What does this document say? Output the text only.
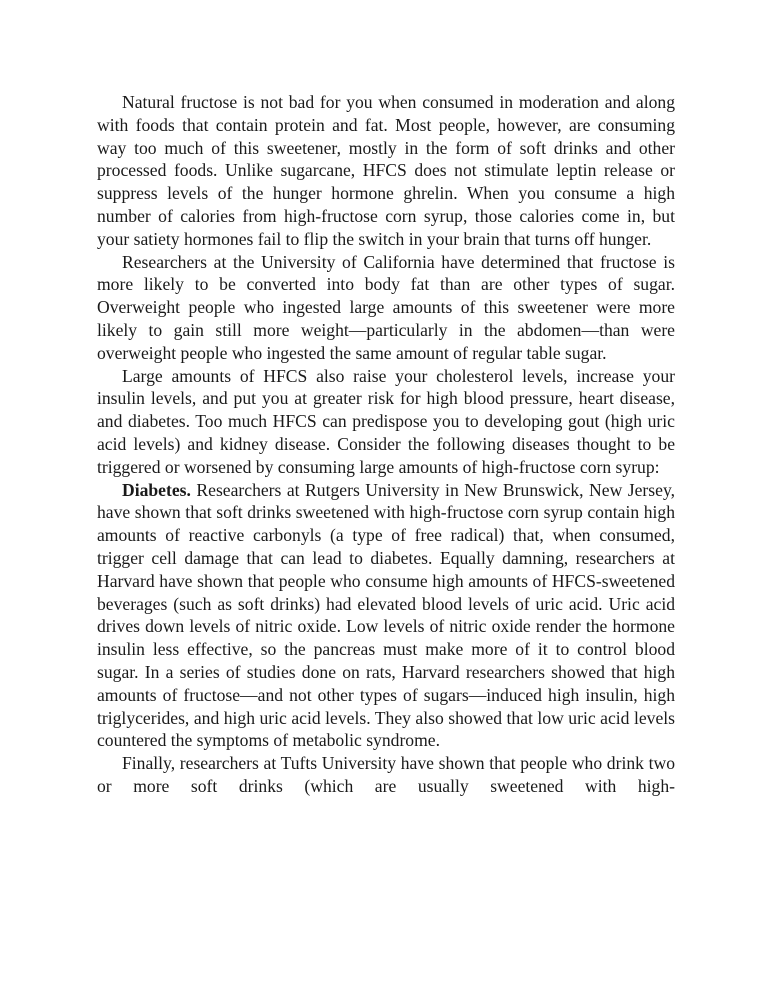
Natural fructose is not bad for you when consumed in moderation and along with foods that contain protein and fat. Most people, however, are consuming way too much of this sweetener, mostly in the form of soft drinks and other processed foods. Unlike sugarcane, HFCS does not stimulate leptin release or suppress levels of the hunger hormone ghrelin. When you consume a high number of calories from high-fructose corn syrup, those calories come in, but your satiety hormones fail to flip the switch in your brain that turns off hunger.

Researchers at the University of California have determined that fructose is more likely to be converted into body fat than are other types of sugar. Overweight people who ingested large amounts of this sweetener were more likely to gain still more weight—particularly in the abdomen—than were overweight people who ingested the same amount of regular table sugar.

Large amounts of HFCS also raise your cholesterol levels, increase your insulin levels, and put you at greater risk for high blood pressure, heart disease, and diabetes. Too much HFCS can predispose you to developing gout (high uric acid levels) and kidney disease. Consider the following diseases thought to be triggered or worsened by consuming large amounts of high-fructose corn syrup:

Diabetes. Researchers at Rutgers University in New Brunswick, New Jersey, have shown that soft drinks sweetened with high-fructose corn syrup contain high amounts of reactive carbonyls (a type of free radical) that, when consumed, trigger cell damage that can lead to diabetes. Equally damning, researchers at Harvard have shown that people who consume high amounts of HFCS-sweetened beverages (such as soft drinks) had elevated blood levels of uric acid. Uric acid drives down levels of nitric oxide. Low levels of nitric oxide render the hormone insulin less effective, so the pancreas must make more of it to control blood sugar. In a series of studies done on rats, Harvard researchers showed that high amounts of fructose—and not other types of sugars—induced high insulin, high triglycerides, and high uric acid levels. They also showed that low uric acid levels countered the symptoms of metabolic syndrome.

Finally, researchers at Tufts University have shown that people who drink two or more soft drinks (which are usually sweetened with high-
